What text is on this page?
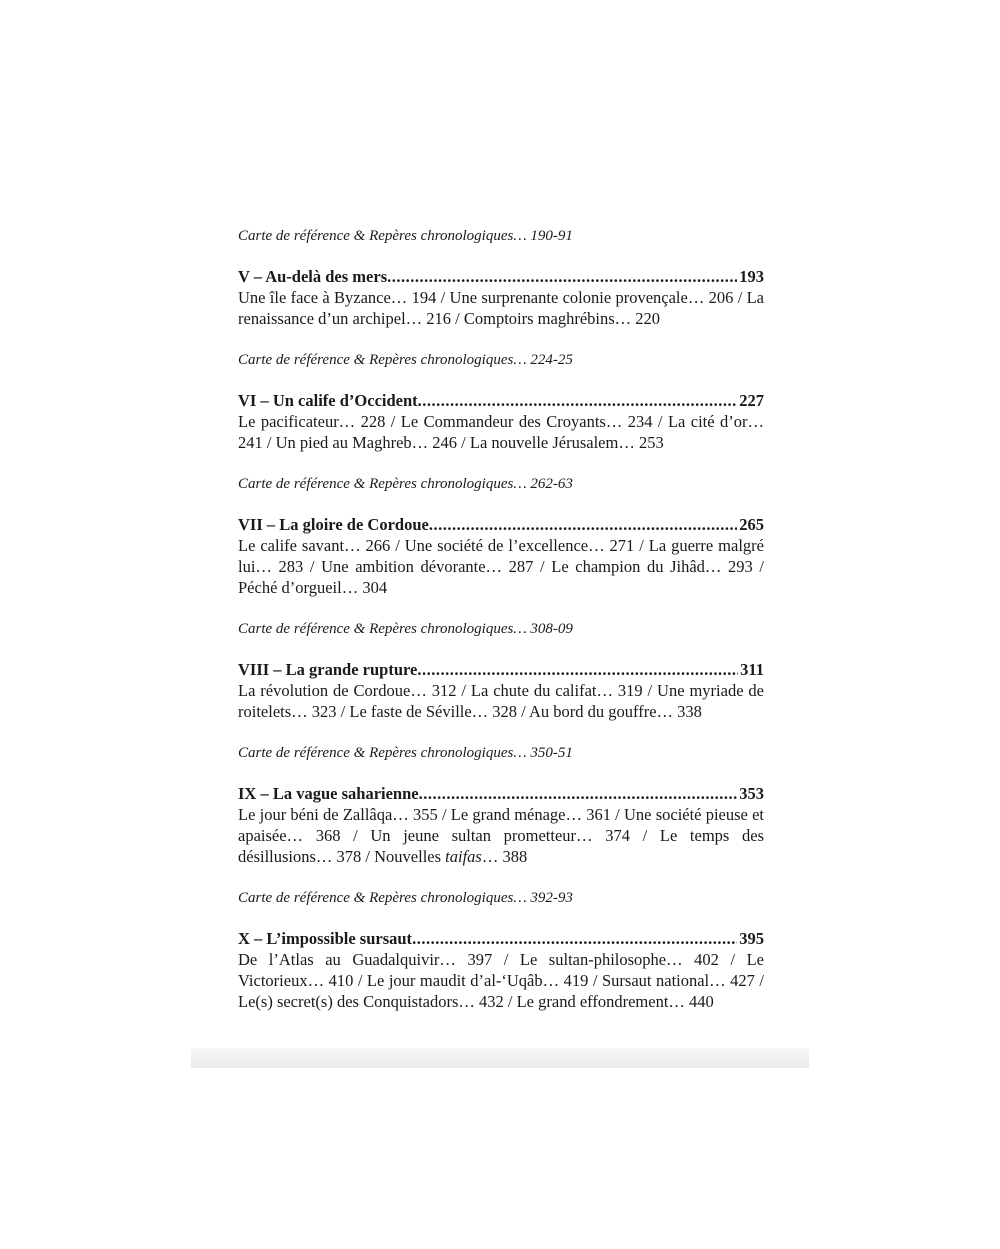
Carte de référence & Repères chronologiques… 190-91

V – Au-delà des mers .....	193
Une île face à Byzance… 194 / Une surprenante colonie provençale… 206 / La renaissance d’un archipel… 216 / Comptoirs maghrébins… 220

Carte de référence & Repères chronologiques… 224-25

VI – Un calife d’Occident .....	227
Le pacificateur… 228 / Le Commandeur des Croyants… 234 / La cité d’or… 241 / Un pied au Maghreb… 246 / La nouvelle Jérusalem… 253

Carte de référence & Repères chronologiques… 262-63

VII – La gloire de Cordoue .....	265
Le calife savant… 266 / Une société de l’excellence… 271 / La guerre malgré lui… 283 / Une ambition dévorante… 287 / Le champion du Jihâd… 293 / Péché d’orgueil… 304

Carte de référence & Repères chronologiques… 308-09

VIII – La grande rupture .....	311
La révolution de Cordoue… 312 / La chute du califat… 319 / Une myriade de roitelets… 323 / Le faste de Séville… 328 / Au bord du gouffre… 338

Carte de référence & Repères chronologiques… 350-51

IX – La vague saharienne .....	353
Le jour béni de Zallâqa… 355 / Le grand ménage… 361 / Une société pieuse et apaisée… 368 / Un jeune sultan prometteur… 374 / Le temps des désillusions… 378 / Nouvelles taifas… 388

Carte de référence & Repères chronologiques… 392-93

X – L’impossible sursaut .....	395
De l’Atlas au Guadalquivir… 397 / Le sultan-philosophe… 402 / Le Victorieux… 410 / Le jour maudit d’al-‘Uqâb… 419 / Sursaut national… 427 / Le(s) secret(s) des Conquistadors… 432 / Le grand effondrement… 440
